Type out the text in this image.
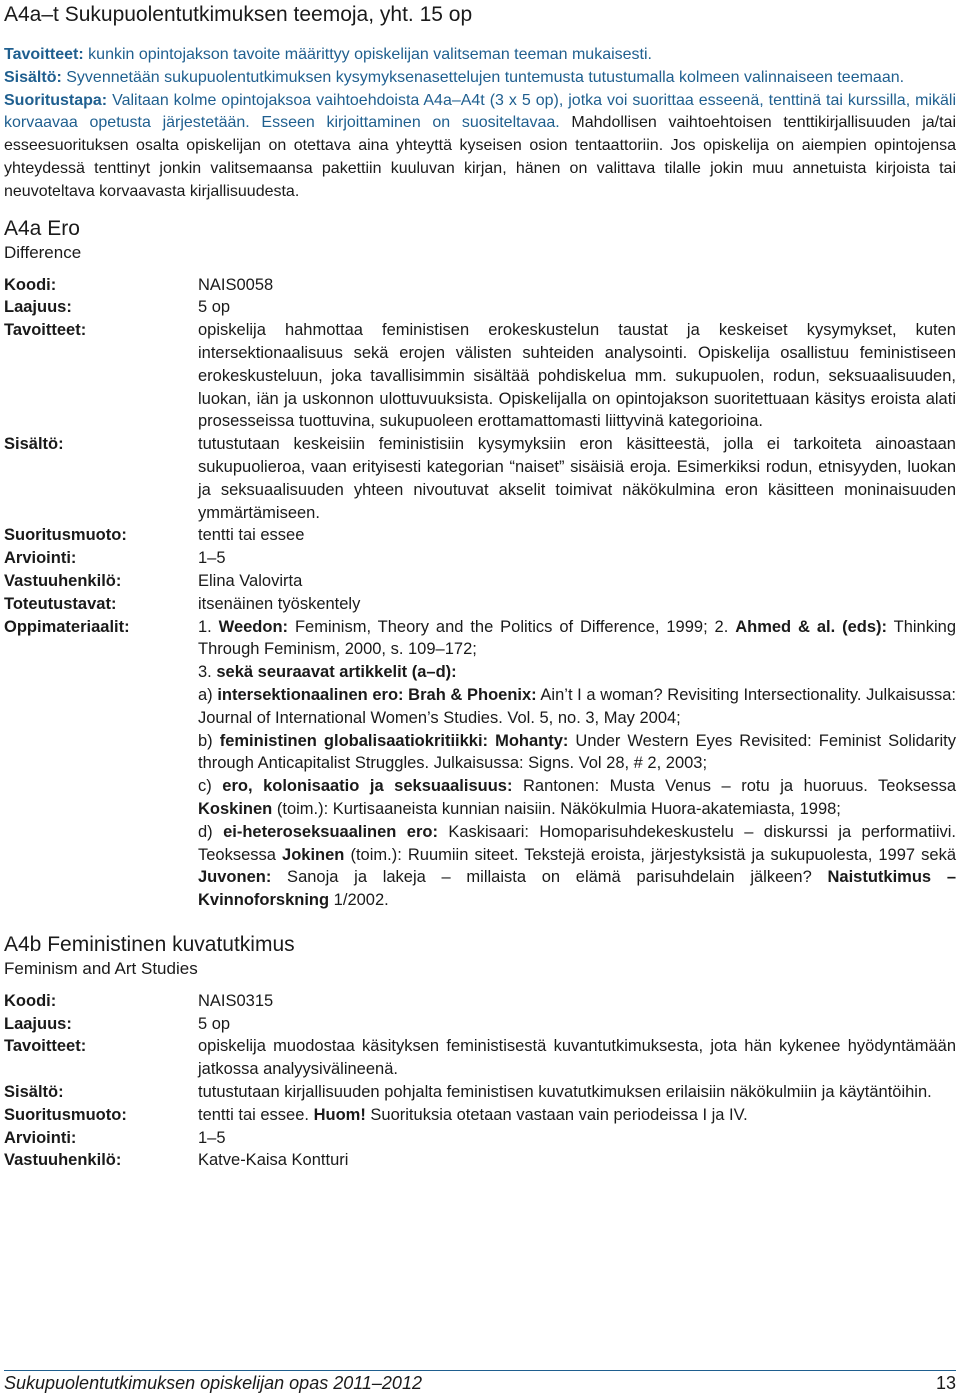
A4a–t Sukupuolentutkimuksen teemoja, yht. 15 op

Tavoitteet: kunkin opintojakson tavoite määrittyy opiskelijan valitseman teeman mukaisesti.
Sisältö: Syvennetään sukupuolentutkimuksen kysymyksenasettelujen tuntemusta tutustumalla kolmeen valinnaiseen teemaan.
Suoritustapa: Valitaan kolme opintojaksoa vaihtoehdoista A4a–A4t (3 x 5 op), jotka voi suorittaa esseenä, tenttinä tai kurssilla, mikäli korvaavaa opetusta järjestetään. Esseen kirjoittaminen on suositeltavaa. Mahdollisen vaihtoehtoisen tenttikirjallisuuden ja/tai esseesuorituksen osalta opiskelijan on otettava aina yhteyttä kyseisen osion tentaattoriin. Jos opiskelija on aiempien opintojensa yhteydessä tenttinyt jonkin valitsemaansa pakettiin kuuluvan kirjan, hänen on valittava tilalle jokin muu annetuista kirjoista tai neuvoteltava korvaavasta kirjallisuudesta.

A4a Ero
Difference
Koodi:	NAIS0058
Laajuus:	5 op
Tavoitteet:	opiskelija hahmottaa feministisen erokeskustelun taustat ja keskeiset kysymykset, kuten intersektionaalisuus sekä erojen välisten suhteiden analysointi. Opiskelija osallistuu feministiseen erokeskusteluun, joka tavallisimmin sisältää pohdiskelua mm. sukupuolen, rodun, seksuaalisuuden, luokan, iän ja uskonnon ulottuvuuksista. Opiskelijalla on opintojakson suoritettuaan käsitys eroista alati prosesseissa tuottuvina, sukupuoleen erottamattomasti liittyvinä kategorioina.
Sisältö:	tutustutaan keskeisiin feministisiin kysymyksiin eron käsitteestä, jolla ei tarkoiteta ainoastaan sukupuolieroa, vaan erityisesti kategorian “naiset” sisäisiä eroja. Esimerkiksi rodun, etnisyyden, luokan ja seksuaalisuuden yhteen nivoutuvat akselit toimivat näkökulmina eron käsitteen moninaisuuden ymmärtämiseen.
Suoritusmuoto:	tentti tai essee
Arviointi:	1–5
Vastuuhenkilö:	Elina Valovirta
Toteutustavat:	itsenäinen työskentely
Oppimateriaalit:	1. Weedon: Feminism, Theory and the Politics of Difference, 1999; 2. Ahmed & al. (eds): Thinking Through Feminism, 2000, s. 109–172;

3. sekä seuraavat artikkelit (a–d):

a) intersektionaalinen ero: Brah & Phoenix: Ain’t I a woman? Revisiting Intersectionality. Julkaisussa: Journal of International Women’s Studies. Vol. 5, no. 3, May 2004;

b) feministinen globalisaatiokritiikki: Mohanty: Under Western Eyes Revisited: Feminist Solidarity through Anticapitalist Struggles. Julkaisussa: Signs. Vol 28, # 2, 2003;

c) ero, kolonisaatio ja seksuaalisuus: Rantonen: Musta Venus – rotu ja huoruus. Teoksessa Koskinen (toim.): Kurtisaaneista kunnian naisiin. Näkökulmia Huora-akatemiasta, 1998;

d) ei-heteroseksuaalinen ero: Kaskisaari: Homoparisuhdekeskustelu – diskurssi ja performatiivi. Teoksessa Jokinen (toim.): Ruumiin siteet. Tekstejä eroista, järjestyksistä ja sukupuolesta, 1997 sekä Juvonen: Sanoja ja lakeja – millaista on elämä parisuhdelain jälkeen? Naistutkimus – Kvinnoforskning 1/2002.

A4b Feministinen kuvatutkimus
Feminism and Art Studies
Koodi:	NAIS0315
Laajuus:	5 op
Tavoitteet:	opiskelija muodostaa käsityksen feministisestä kuvantutkimuksesta, jota hän kykenee hyödyntämään jatkossa analyysivälineenä.
Sisältö:	tutustutaan kirjallisuuden pohjalta feministisen kuvatutkimuksen erilaisiin näkökulmiin ja käytäntöihin.
Suoritusmuoto:	tentti tai essee. Huom! Suorituksia otetaan vastaan vain periodeissa I ja IV.
Arviointi:	1–5
Vastuuhenkilö:	Katve-Kaisa Kontturi
Sukupuolentutkimuksen opiskelijan opas 2011–2012	13
